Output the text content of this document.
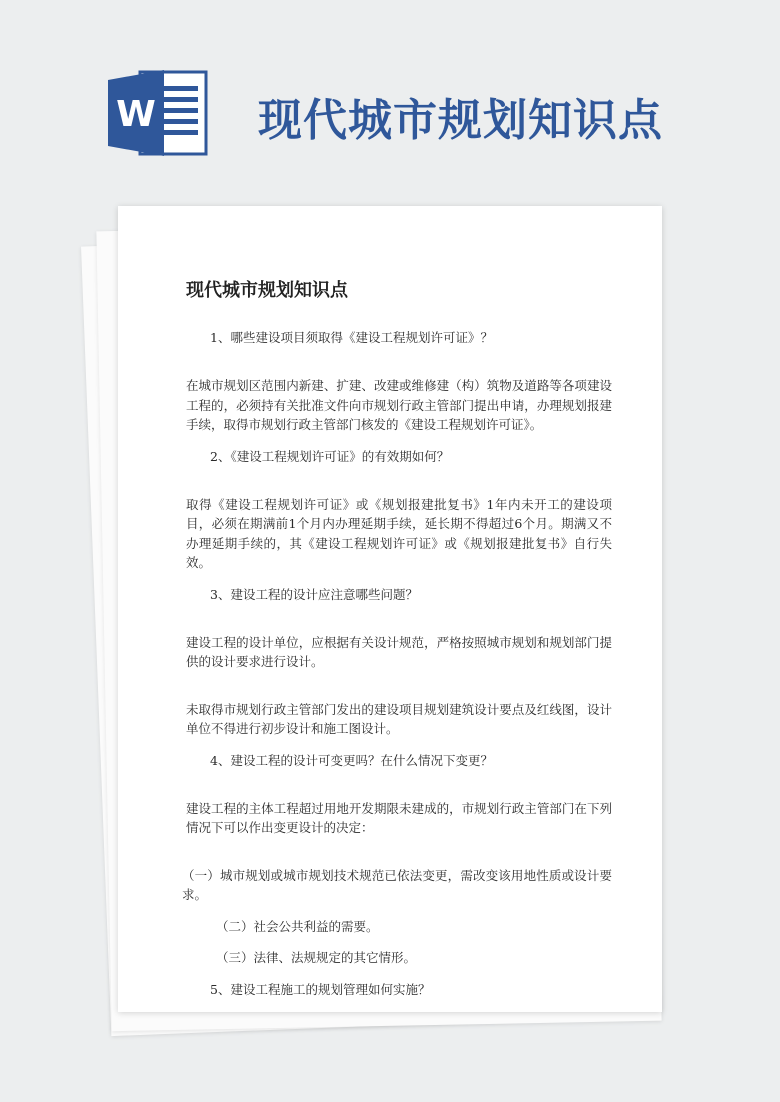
W 现代城市规划知识点
现代城市规划知识点
1、哪些建设项目须取得《建设工程规划许可证》？
在城市规划区范围内新建、扩建、改建或维修建（构）筑物及道路等各项建设工程的，必须持有关批准文件向市规划行政主管部门提出申请，办理规划报建手续，取得市规划行政主管部门核发的《建设工程规划许可证》。
2、《建设工程规划许可证》的有效期如何？
取得《建设工程规划许可证》或《规划报建批复书》1年内未开工的建设项目，必须在期满前1个月内办理延期手续，延长期不得超过6个月。期满又不办理延期手续的，其《建设工程规划许可证》或《规划报建批复书》自行失效。
3、建设工程的设计应注意哪些问题？
建设工程的设计单位，应根据有关设计规范，严格按照城市规划和规划部门提供的设计要求进行设计。
未取得市规划行政主管部门发出的建设项目规划建筑设计要点及红线图，设计单位不得进行初步设计和施工图设计。
4、建设工程的设计可变更吗？在什么情况下变更？
建设工程的主体工程超过用地开发期限未建成的，市规划行政主管部门在下列情况下可以作出变更设计的决定：
（一）城市规划或城市规划技术规范已依法变更，需改变该用地性质或设计要求。
（二）社会公共利益的需要。
（三）法律、法规规定的其它情形。
5、建设工程施工的规划管理如何实施？
